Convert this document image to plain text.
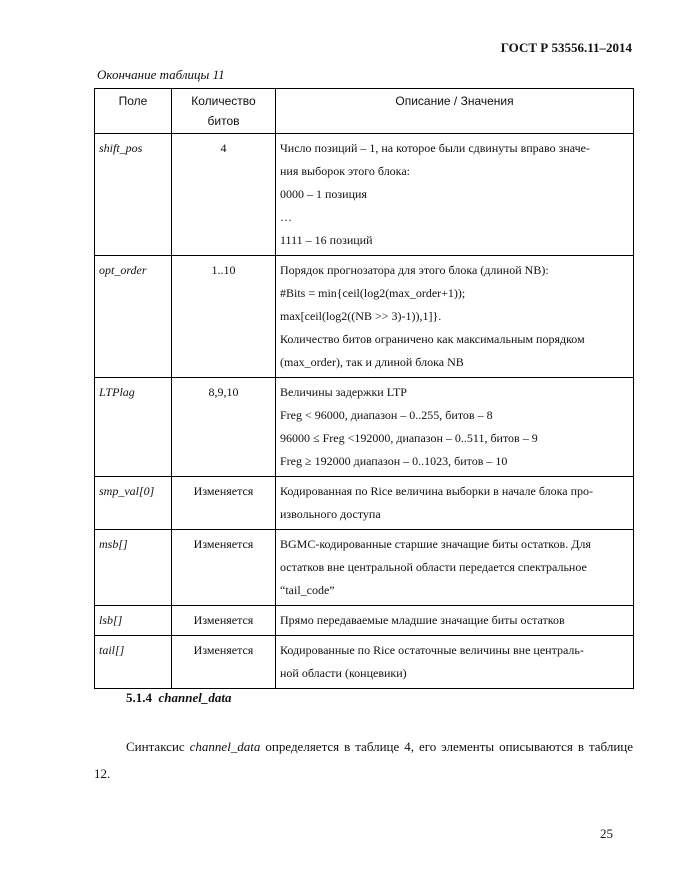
ГОСТ Р 53556.11–2014
Окончание таблицы 11
Поле	Количество битов	Описание / Значения
shift_pos	4	Число позиций – 1, на которое были сдвинуты вправо значе-

ния выборок этого блока:

0000 – 1 позиция

…

1111 – 16 позиций

opt_order	1..10	Порядок прогнозатора для этого блока (длиной NB):

#Bits = min{ceil(log2(max_order+1));

max[ceil(log2((NB >> 3)-1)),1]}.

Количество битов ограничено как максимальным порядком

(max_order), так и длиной блока NB

LTPlag	8,9,10	Величины задержки LTP

Freg < 96000, диапазон – 0..255, битов – 8

96000 ≤ Freg <192000, диапазон – 0..511, битов – 9

Freg ≥ 192000 диапазон – 0..1023, битов – 10

smp_val[0]	Изменяется	Кодированная по Rice величина выборки в начале блока про-

извольного доступа

msb[]	Изменяется	BGMC-кодированные старшие значащие биты остатков. Для

остатков вне центральной области передается спектральное

“tail_code”

lsb[]	Изменяется	Прямо передаваемые младшие значащие биты остатков

tail[]	Изменяется	Кодированные по Rice остаточные величины вне централь-

ной области (концевики)

5.1.4 channel_data
Синтаксис channel_data определяется в таблице 4, его элементы описываются в таблице 12.
25
